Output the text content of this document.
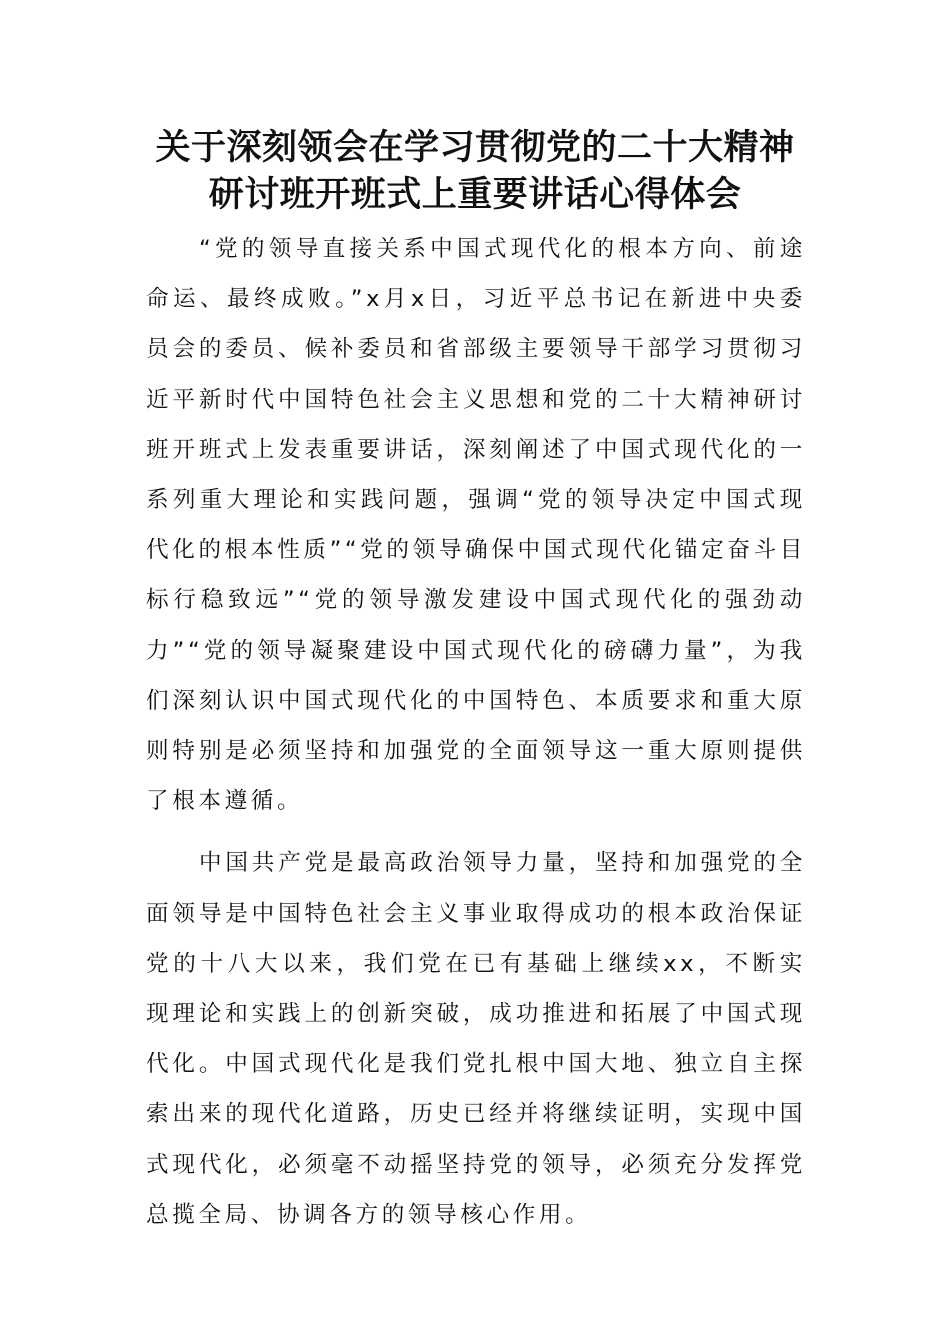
关于深刻领会在学习贯彻党的二十大精神
研讨班开班式上重要讲话心得体会

“党的领导直接关系中国式现代化的根本方向、前途命运、最终成败。”x月x日，习近平总书记在新进中央委员会的委员、候补委员和省部级主要领导干部学习贯彻习近平新时代中国特色社会主义思想和党的二十大精神研讨班开班式上发表重要讲话，深刻阐述了中国式现代化的一系列重大理论和实践问题，强调“党的领导决定中国式现代化的根本性质”“党的领导确保中国式现代化锚定奋斗目标行稳致远”“党的领导激发建设中国式现代化的强劲动力”“党的领导凝聚建设中国式现代化的磅礴力量”，为我们深刻认识中国式现代化的中国特色、本质要求和重大原则特别是必须坚持和加强党的全面领导这一重大原则提供了根本遵循。

中国共产党是最高政治领导力量，坚持和加强党的全面领导是中国特色社会主义事业取得成功的根本政治保证党的十八大以来，我们党在已有基础上继续xx，不断实现理论和实践上的创新突破，成功推进和拓展了中国式现代化。中国式现代化是我们党扎根中国大地、独立自主探索出来的现代化道路，历史已经并将继续证明，实现中国式现代化，必须毫不动摇坚持党的领导，必须充分发挥党总揽全局、协调各方的领导核心作用。
